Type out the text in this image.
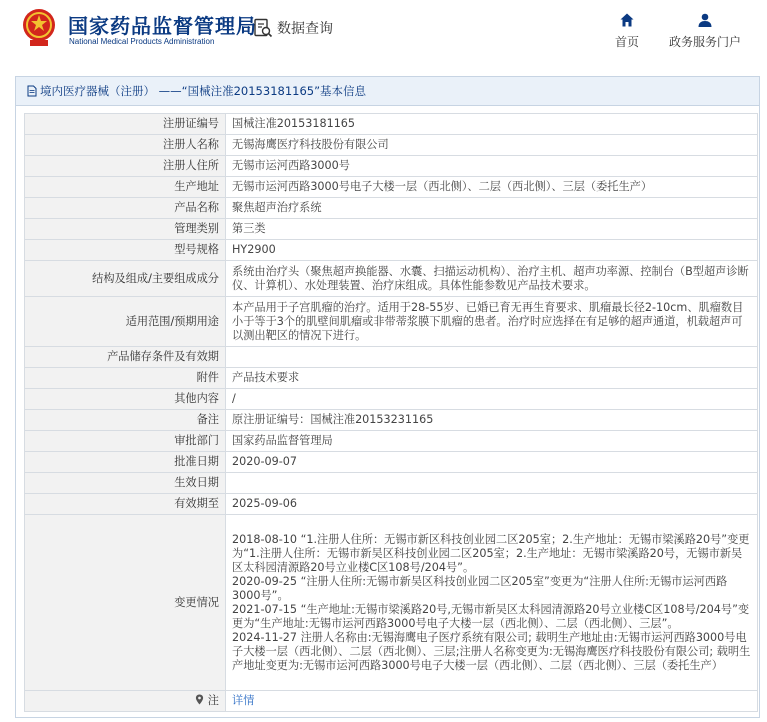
国家药品监督管理局
National Medical Products Administration
数据查询
首页 政务服务门户
境内医疗器械（注册） ——“国械注准20153181165”基本信息
注册证编号	国械注准20153181165
注册人名称	无锡海鹰医疗科技股份有限公司
注册人住所	无锡市运河西路3000号
生产地址	无锡市运河西路3000号电子大楼一层（西北侧）、二层（西北侧）、三层（委托生产）
产品名称	聚焦超声治疗系统
管理类别	第三类
型号规格	HY2900
结构及组成/主要组成成分	系统由治疗头（聚焦超声换能器、水囊、扫描运动机构）、治疗主机、超声功率源、控制台（B型超声诊断仪、计算机）、水处理装置、治疗床组成。具体性能参数见产品技术要求。
适用范围/预期用途	本产品用于子宫肌瘤的治疗。适用于28-55岁、已婚已育无再生育要求、肌瘤最长径2-10cm、肌瘤数目小于等于3个的肌壁间肌瘤或非带蒂浆膜下肌瘤的患者。治疗时应选择在有足够的超声通道，机载超声可以测出靶区的情况下进行。
产品储存条件及有效期	
附件	产品技术要求
其他内容	/
备注	原注册证编号：国械注准20153231165
审批部门	国家药品监督管理局
批准日期	2020-09-07
生效日期	
有效期至	2025-09-06
变更情况	2018-08-10 “1.注册人住所：无锡市新区科技创业园二区205室；2.生产地址：无锡市梁溪路20号”变更为“1.注册人住所：无锡市新吴区科技创业园二区205室；2.生产地址：无锡市梁溪路20号，无锡市新吴区太科园清源路20号立业楼C区108号/204号”。
2020-09-25 “注册人住所:无锡市新吴区科技创业园二区205室”变更为“注册人住所:无锡市运河西路3000号”。
2021-07-15 “生产地址:无锡市梁溪路20号,无锡市新吴区太科园清源路20号立业楼C区108号/204号”变更为“生产地址:无锡市运河西路3000号电子大楼一层（西北侧）、二层（西北侧）、三层”。
2024-11-27 注册人名称由:无锡海鹰电子医疗系统有限公司; 载明生产地址由:无锡市运河西路3000号电子大楼一层（西北侧）、二层（西北侧）、三层;注册人名称变更为:无锡海鹰医疗科技股份有限公司; 载明生产地址变更为:无锡市运河西路3000号电子大楼一层（西北侧）、二层（西北侧）、三层（委托生产）

注	详情
